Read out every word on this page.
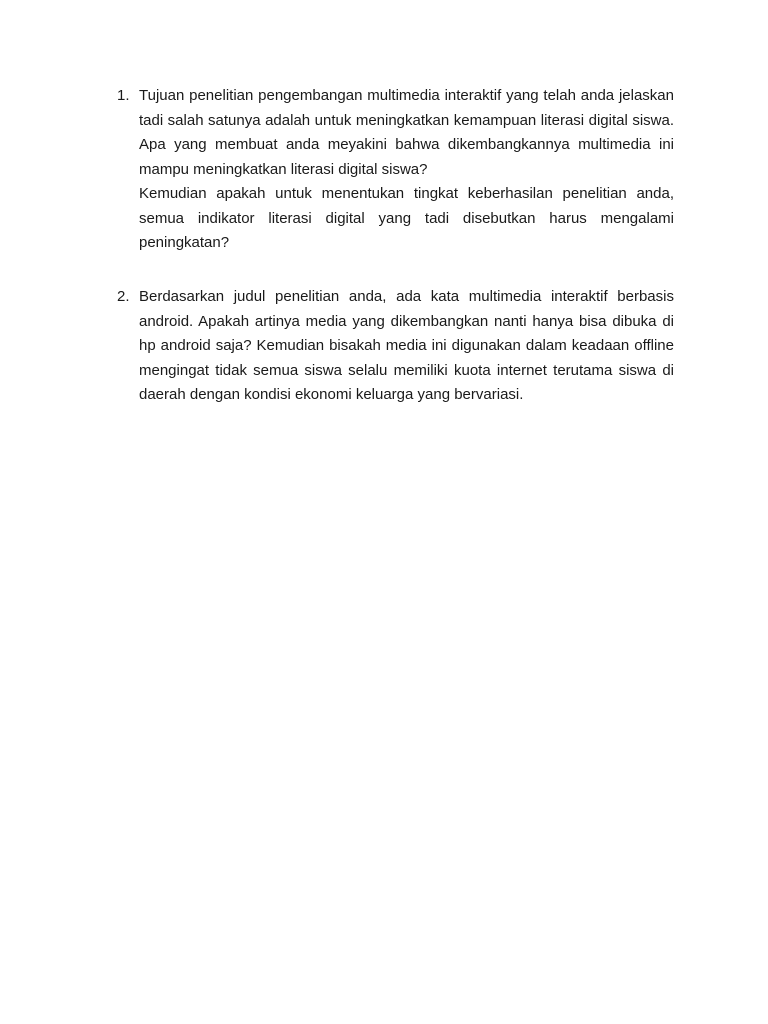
1. Tujuan penelitian pengembangan multimedia interaktif yang telah anda jelaskan tadi salah satunya adalah untuk meningkatkan kemampuan literasi digital siswa. Apa yang membuat anda meyakini bahwa dikembangkannya multimedia ini mampu meningkatkan literasi digital siswa?

Kemudian apakah untuk menentukan tingkat keberhasilan penelitian anda, semua indikator literasi digital yang tadi disebutkan harus mengalami peningkatan?

2. Berdasarkan judul penelitian anda, ada kata multimedia interaktif berbasis android. Apakah artinya media yang dikembangkan nanti hanya bisa dibuka di hp android saja? Kemudian bisakah media ini digunakan dalam keadaan offline mengingat tidak semua siswa selalu memiliki kuota internet terutama siswa di daerah dengan kondisi ekonomi keluarga yang bervariasi.
